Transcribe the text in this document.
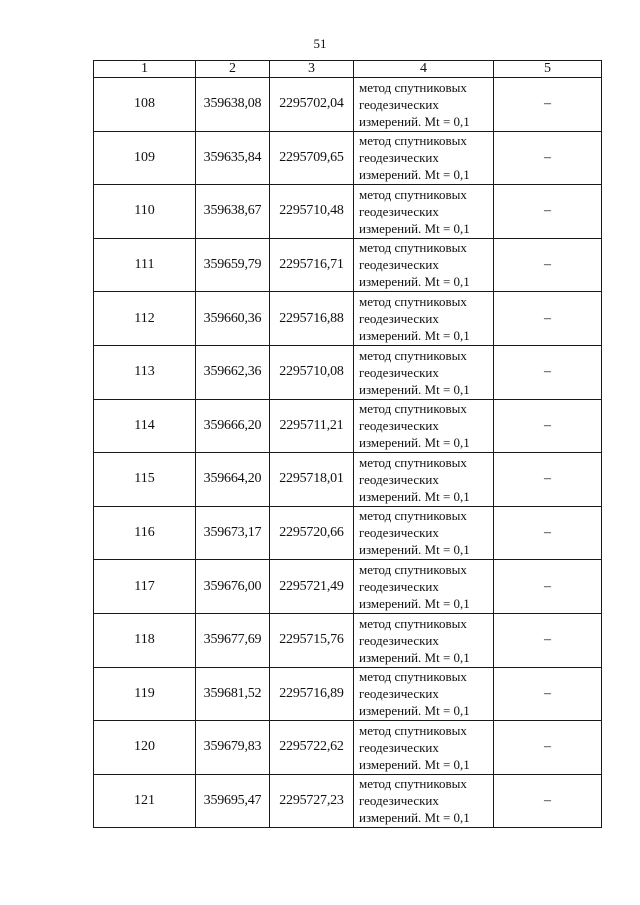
51
1	2	3	4	5
108	359638,08	2295702,04	метод спутниковых
геодезических
измерений. Mt = 0,1	–
109	359635,84	2295709,65	метод спутниковых
геодезических
измерений. Mt = 0,1	–
110	359638,67	2295710,48	метод спутниковых
геодезических
измерений. Mt = 0,1	–
111	359659,79	2295716,71	метод спутниковых
геодезических
измерений. Mt = 0,1	–
112	359660,36	2295716,88	метод спутниковых
геодезических
измерений. Mt = 0,1	–
113	359662,36	2295710,08	метод спутниковых
геодезических
измерений. Mt = 0,1	–
114	359666,20	2295711,21	метод спутниковых
геодезических
измерений. Mt = 0,1	–
115	359664,20	2295718,01	метод спутниковых
геодезических
измерений. Mt = 0,1	–
116	359673,17	2295720,66	метод спутниковых
геодезических
измерений. Mt = 0,1	–
117	359676,00	2295721,49	метод спутниковых
геодезических
измерений. Mt = 0,1	–
118	359677,69	2295715,76	метод спутниковых
геодезических
измерений. Mt = 0,1	–
119	359681,52	2295716,89	метод спутниковых
геодезических
измерений. Mt = 0,1	–
120	359679,83	2295722,62	метод спутниковых
геодезических
измерений. Mt = 0,1	–
121	359695,47	2295727,23	метод спутниковых
геодезических
измерений. Mt = 0,1	–
